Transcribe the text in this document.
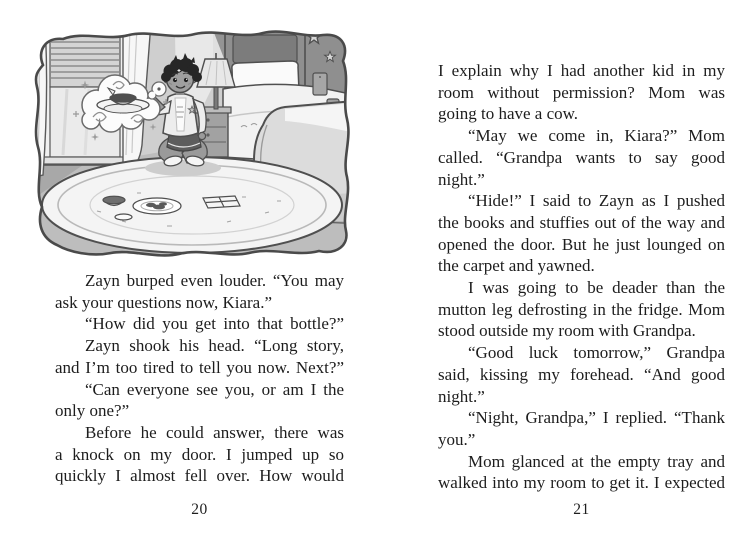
Zayn burped even louder. “You may
ask your questions now, Kiara.”
“How did you get into that bottle?”
Zayn shook his head. “Long story,
and I’m too tired to tell you now. Next?”
“Can everyone see you, or am I the
only one?”
Before he could answer, there was
a knock on my door. I jumped up so
quickly I almost fell over. How would
20
I explain why I had another kid in my
room without permission? Mom was
going to have a cow.
“May we come in, Kiara?” Mom
called. “Grandpa wants to say good
night.”
“Hide!” I said to Zayn as I pushed
the books and stuffies out of the way and
opened the door. But he just lounged on
the carpet and yawned.
I was going to be deader than the
mutton leg defrosting in the fridge. Mom
stood outside my room with Grandpa.
“Good luck tomorrow,” Grandpa
said, kissing my forehead. “And good
night.”
“Night, Grandpa,” I replied. “Thank
you.”
Mom glanced at the empty tray and
walked into my room to get it. I expected
21
